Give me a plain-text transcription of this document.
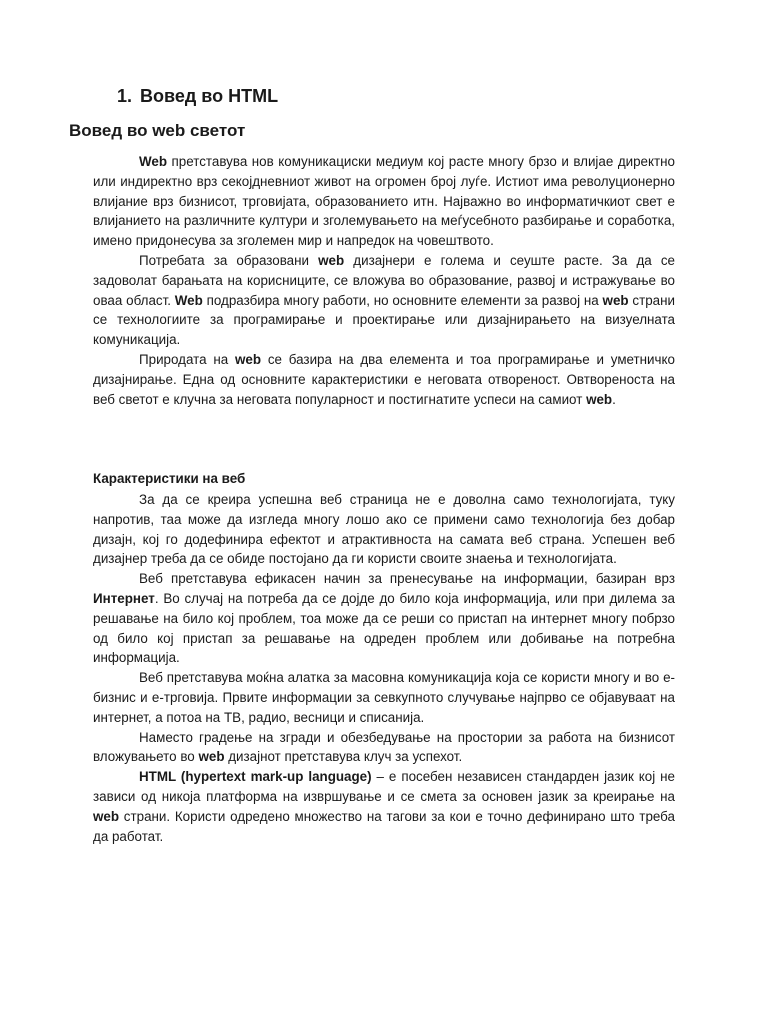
1. Вовед во HTML
Вовед во web светот

Web претставува нов комуникациски медиум кој расте многу брзо и влијае директно или индиректно врз секојдневниот живот на огромен број луѓе. Истиот има револуционерно влијание врз бизнисот, трговијата, образованието итн. Најважно во информатичкиот свет е влијанието на различните култури и зголемувањето на меѓусебното разбирање и соработка, имено придонесува за зголемен мир и напредок на човештвото.

Потребата за образовани web дизајнери е голема и сеуште расте. За да се задоволат барањата на корисниците, се вложува во образование, развој и истражување во оваа област. Web подразбира многу работи, но основните елементи за развој на web страни се технологиите за програмирање и проектирање или дизајнирањето на визуелната комуникација.

Природата на web се базира на два елемента и тоа програмирање и уметничко дизајнирање. Една од основните карактеристики е неговата отвореност. Овтвореноста на веб светот е клучна за неговата популарност и постигнатите успеси на самиот web.

Карактеристики на веб

За да се креира успешна веб страница не е доволна само технологијата, туку напротив, таа може да изгледа многу лошо ако се примени само технологија без добар дизајн, кој го додефинира ефектот и атрактивноста на самата веб страна. Успешен веб дизајнер треба да се обиде постојано да ги користи своите знаења и технологијата.

Веб претставува ефикасен начин за пренесување на информации, базиран врз Интернет. Во случај на потреба да се дојде до било која информација, или при дилема за решавање на било кој проблем, тоа може да се реши со пристап на интернет многу побрзо од било кој пристап за решавање на одреден проблем или добивање на потребна информација.

Веб претставува моќна алатка за масовна комуникација која се користи многу и во е-бизнис и е-трговија. Првите информации за севкупното случување најпрво се објавуваат на интернет, а потоа на ТВ, радио, весници и списанија.

Наместо градење на згради и обезбедување на простории за работа на бизнисот вложувањето во web дизајнот претставува клуч за успехот.

HTML (hypertext mark-up language) – е посебен независен стандарден јазик кој не зависи од никоја платформа на извршување и се смета за основен јазик за креирање на web страни. Користи одредено множество на тагови за кои е точно дефинирано што треба да работат.
